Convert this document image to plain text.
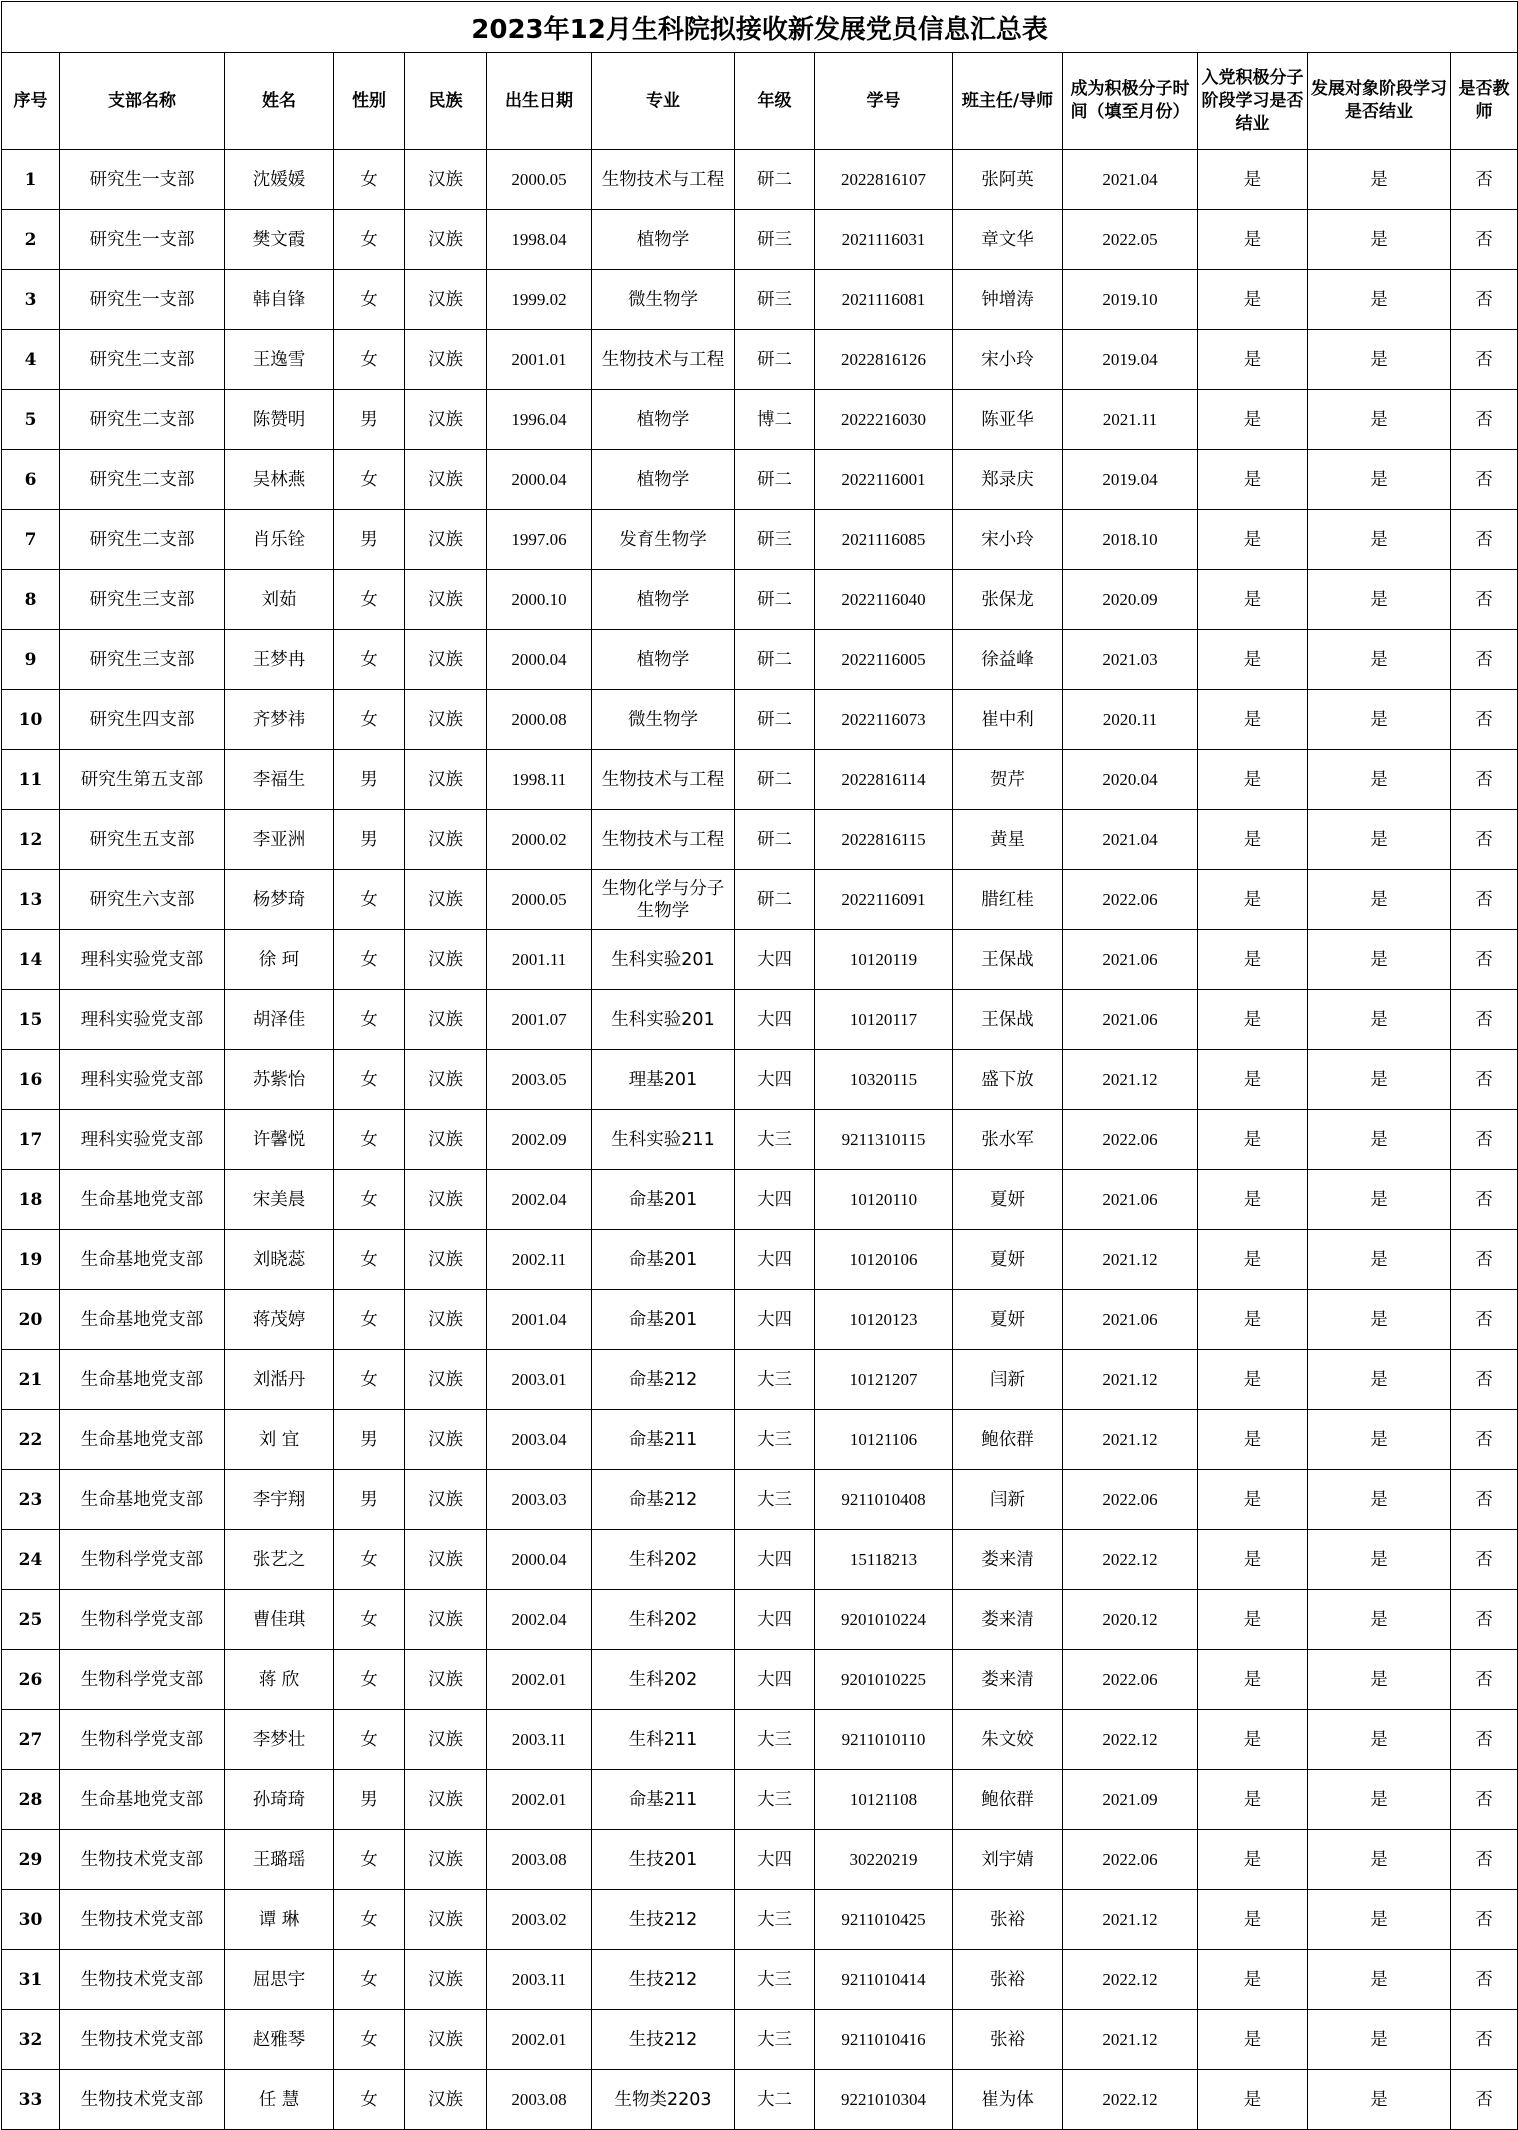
2023年12月生科院拟接收新发展党员信息汇总表													
序号	支部名称	姓名	性别	民族	出生日期	专业	年级	学号	班主任/导师	成为积极分子时间（填至月份）	入党积极分子阶段学习是否结业	发展对象阶段学习是否结业	是否教师
1	研究生一支部	沈媛媛	女	汉族	2000.05	生物技术与工程	研二	2022816107	张阿英	2021.04	是	是	否
2	研究生一支部	樊文霞	女	汉族	1998.04	植物学	研三	2021116031	章文华	2022.05	是	是	否
3	研究生一支部	韩自锋	女	汉族	1999.02	微生物学	研三	2021116081	钟增涛	2019.10	是	是	否
4	研究生二支部	王逸雪	女	汉族	2001.01	生物技术与工程	研二	2022816126	宋小玲	2019.04	是	是	否
5	研究生二支部	陈赞明	男	汉族	1996.04	植物学	博二	2022216030	陈亚华	2021.11	是	是	否
6	研究生二支部	吴林燕	女	汉族	2000.04	植物学	研二	2022116001	郑录庆	2019.04	是	是	否
7	研究生二支部	肖乐铨	男	汉族	1997.06	发育生物学	研三	2021116085	宋小玲	2018.10	是	是	否
8	研究生三支部	刘茹	女	汉族	2000.10	植物学	研二	2022116040	张保龙	2020.09	是	是	否
9	研究生三支部	王梦冉	女	汉族	2000.04	植物学	研二	2022116005	徐益峰	2021.03	是	是	否
10	研究生四支部	齐梦祎	女	汉族	2000.08	微生物学	研二	2022116073	崔中利	2020.11	是	是	否
11	研究生第五支部	李福生	男	汉族	1998.11	生物技术与工程	研二	2022816114	贺芹	2020.04	是	是	否
12	研究生五支部	李亚洲	男	汉族	2000.02	生物技术与工程	研二	2022816115	黄星	2021.04	是	是	否
13	研究生六支部	杨梦琦	女	汉族	2000.05	生物化学与分子生物学	研二	2022116091	腊红桂	2022.06	是	是	否
14	理科实验党支部	徐 珂	女	汉族	2001.11	生科实验201	大四	10120119	王保战	2021.06	是	是	否
15	理科实验党支部	胡泽佳	女	汉族	2001.07	生科实验201	大四	10120117	王保战	2021.06	是	是	否
16	理科实验党支部	苏紫怡	女	汉族	2003.05	理基201	大四	10320115	盛下放	2021.12	是	是	否
17	理科实验党支部	许馨悦	女	汉族	2002.09	生科实验211	大三	9211310115	张水军	2022.06	是	是	否
18	生命基地党支部	宋美晨	女	汉族	2002.04	命基201	大四	10120110	夏妍	2021.06	是	是	否
19	生命基地党支部	刘晓蕊	女	汉族	2002.11	命基201	大四	10120106	夏妍	2021.12	是	是	否
20	生命基地党支部	蒋茂婷	女	汉族	2001.04	命基201	大四	10120123	夏妍	2021.06	是	是	否
21	生命基地党支部	刘湉丹	女	汉族	2003.01	命基212	大三	10121207	闫新	2021.12	是	是	否
22	生命基地党支部	刘 宜	男	汉族	2003.04	命基211	大三	10121106	鲍依群	2021.12	是	是	否
23	生命基地党支部	李宇翔	男	汉族	2003.03	命基212	大三	9211010408	闫新	2022.06	是	是	否
24	生物科学党支部	张艺之	女	汉族	2000.04	生科202	大四	15118213	娄来清	2022.12	是	是	否
25	生物科学党支部	曹佳琪	女	汉族	2002.04	生科202	大四	9201010224	娄来清	2020.12	是	是	否
26	生物科学党支部	蒋 欣	女	汉族	2002.01	生科202	大四	9201010225	娄来清	2022.06	是	是	否
27	生物科学党支部	李梦壮	女	汉族	2003.11	生科211	大三	9211010110	朱文姣	2022.12	是	是	否
28	生命基地党支部	孙琦琦	男	汉族	2002.01	命基211	大三	10121108	鲍依群	2021.09	是	是	否
29	生物技术党支部	王璐瑶	女	汉族	2003.08	生技201	大四	30220219	刘宇婧	2022.06	是	是	否
30	生物技术党支部	谭 琳	女	汉族	2003.02	生技212	大三	9211010425	张裕	2021.12	是	是	否
31	生物技术党支部	屈思宇	女	汉族	2003.11	生技212	大三	9211010414	张裕	2022.12	是	是	否
32	生物技术党支部	赵雅琴	女	汉族	2002.01	生技212	大三	9211010416	张裕	2021.12	是	是	否
33	生物技术党支部	任 慧	女	汉族	2003.08	生物类2203	大二	9221010304	崔为体	2022.12	是	是	否
